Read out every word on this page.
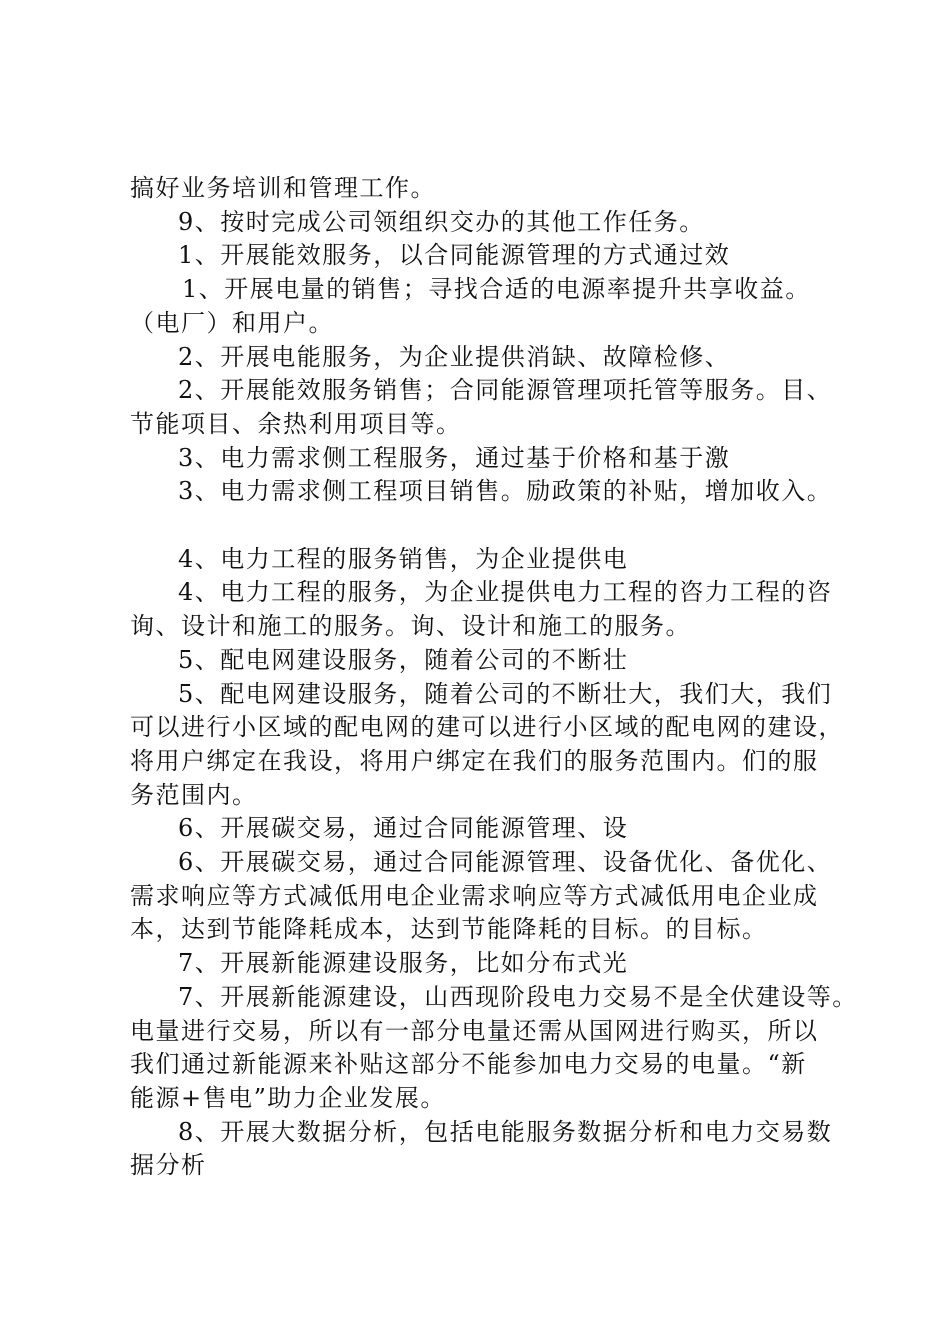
搞好业务培训和管理工作。

9、按时完成公司领组织交办的其他工作任务。

1、开展能效服务，以合同能源管理的方式通过效

1、开展电量的销售；寻找合适的电源率提升共享收益。

（电厂）和用户。

2、开展电能服务，为企业提供消缺、故障检修、

2、开展能效服务销售；合同能源管理项托管等服务。目、

节能项目、余热利用项目等。

3、电力需求侧工程服务，通过基于价格和基于激

3、电力需求侧工程项目销售。励政策的补贴，增加收入。

4、电力工程的服务销售，为企业提供电

4、电力工程的服务，为企业提供电力工程的咨力工程的咨

询、设计和施工的服务。询、设计和施工的服务。

5、配电网建设服务，随着公司的不断壮

5、配电网建设服务，随着公司的不断壮大，我们大，我们

可以进行小区域的配电网的建可以进行小区域的配电网的建设，

将用户绑定在我设，将用户绑定在我们的服务范围内。们的服

务范围内。

6、开展碳交易，通过合同能源管理、设

6、开展碳交易，通过合同能源管理、设备优化、备优化、

需求响应等方式减低用电企业需求响应等方式减低用电企业成

本，达到节能降耗成本，达到节能降耗的目标。的目标。

7、开展新能源建设服务，比如分布式光

7、开展新能源建设，山西现阶段电力交易不是全伏建设等。

电量进行交易，所以有一部分电量还需从国网进行购买，所以

我们通过新能源来补贴这部分不能参加电力交易的电量。“新

能源+售电”助力企业发展。

8、开展大数据分析，包括电能服务数据分析和电力交易数

据分析
